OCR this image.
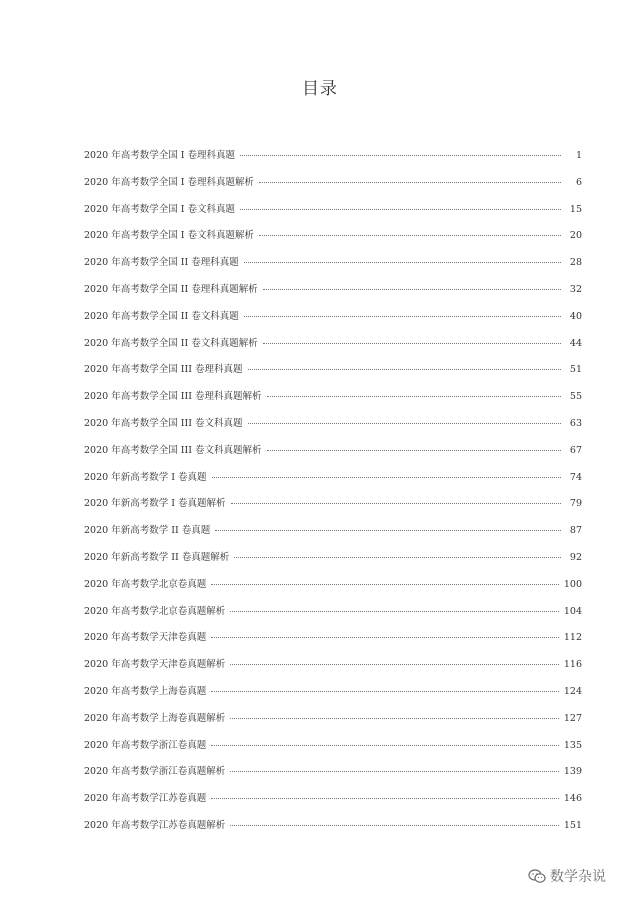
目录
2020 年高考数学全国 I 卷理科真题	1
2020 年高考数学全国 I 卷理科真题解析	6
2020 年高考数学全国 I 卷文科真题	15
2020 年高考数学全国 I 卷文科真题解析	20
2020 年高考数学全国 II 卷理科真题	28
2020 年高考数学全国 II 卷理科真题解析	32
2020 年高考数学全国 II 卷文科真题	40
2020 年高考数学全国 II 卷文科真题解析	44
2020 年高考数学全国 III 卷理科真题	51
2020 年高考数学全国 III 卷理科真题解析	55
2020 年高考数学全国 III 卷文科真题	63
2020 年高考数学全国 III 卷文科真题解析	67
2020 年新高考数学 I 卷真题	74
2020 年新高考数学 I 卷真题解析	79
2020 年新高考数学 II 卷真题	87
2020 年新高考数学 II 卷真题解析	92
2020 年高考数学北京卷真题	100
2020 年高考数学北京卷真题解析	104
2020 年高考数学天津卷真题	112
2020 年高考数学天津卷真题解析	116
2020 年高考数学上海卷真题	124
2020 年高考数学上海卷真题解析	127
2020 年高考数学浙江卷真题	135
2020 年高考数学浙江卷真题解析	139
2020 年高考数学江苏卷真题	146
2020 年高考数学江苏卷真题解析	151
数学杂说
